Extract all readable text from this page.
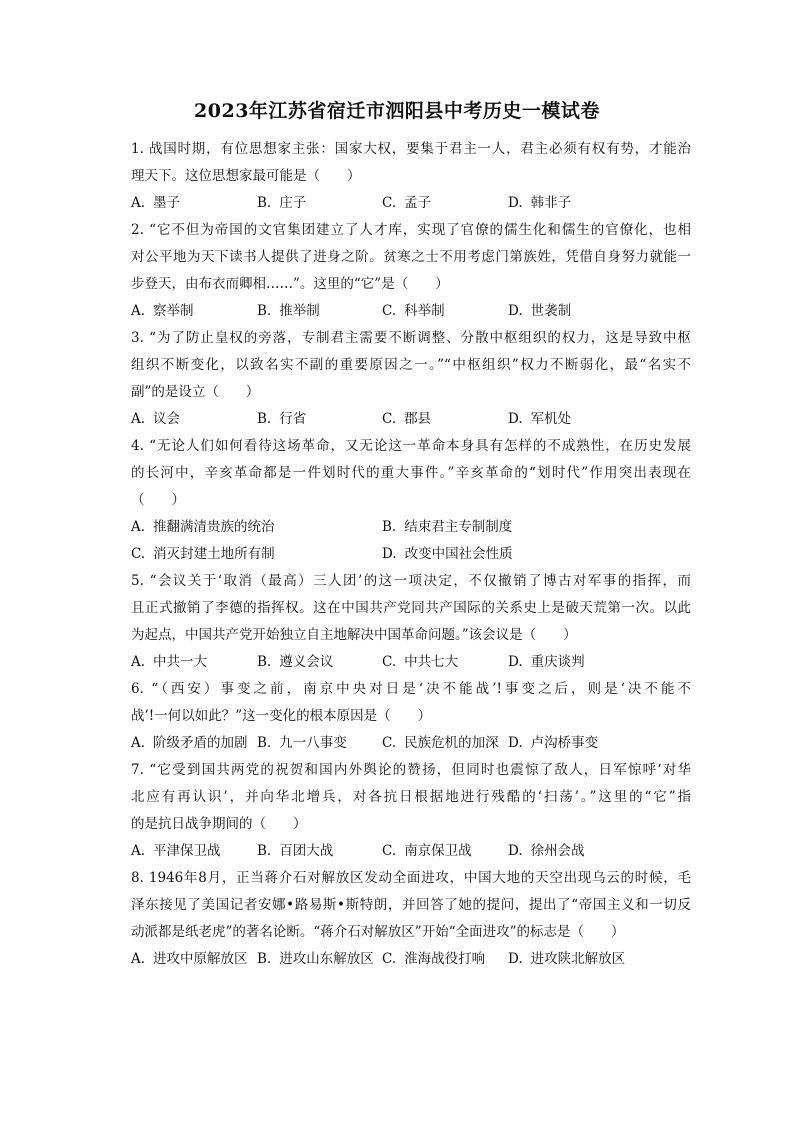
2023年江苏省宿迁市泗阳县中考历史一模试卷
1. 战国时期，有位思想家主张：国家大权，要集于君主一人，君主必须有权有势，才能治
理天下。这位思想家最可能是（　　）
A. 墨子	B. 庄子	C. 孟子	D. 韩非子
2. “它不但为帝国的文官集团建立了人才库，实现了官僚的儒生化和儒生的官僚化，也相
对公平地为天下读书人提供了进身之阶。贫寒之士不用考虑门第族姓，凭借自身努力就能一
步登天，由布衣而卿相……”。这里的“它”是（　　）
A. 察举制	B. 推举制	C. 科举制	D. 世袭制
3. “为了防止皇权的旁落，专制君主需要不断调整、分散中枢组织的权力，这是导致中枢
组织不断变化，以致名实不副的重要原因之一。”“中枢组织”权力不断弱化，最“名实不
副”的是设立（　　）
A. 议会	B. 行省	C. 郡县	D. 军机处
4. “无论人们如何看待这场革命，又无论这一革命本身具有怎样的不成熟性，在历史发展
的长河中，辛亥革命都是一件划时代的重大事件。”辛亥革命的“划时代”作用突出表现在
（　　）
A. 推翻满清贵族的统治	B. 结束君主专制制度
C. 消灭封建土地所有制	D. 改变中国社会性质
5. “会议关于‘取消（最高）三人团’的这一项决定，不仅撤销了博古对军事的指挥，而
且正式撤销了李德的指挥权。这在中国共产党同共产国际的关系史上是破天荒第一次。以此
为起点，中国共产党开始独立自主地解决中国革命问题。”该会议是（　　）
A. 中共一大	B. 遵义会议	C. 中共七大	D. 重庆谈判
6. “（西安）事变之前，南京中央对日是‘决不能战’!事变之后，则是‘决不能不
战’!一何以如此？”这一变化的根本原因是（　　）
A. 阶级矛盾的加剧 B. 九一八事变	C. 民族危机的加深 D. 卢沟桥事变
7. “它受到国共两党的祝贺和国内外舆论的赞扬，但同时也震惊了敌人，日军惊呼‘对华
北应有再认识’，并向华北增兵，对各抗日根据地进行残酷的‘扫荡’。”这里的“它”指
的是抗日战争期间的（　　）
A. 平津保卫战	B. 百团大战	C. 南京保卫战	D. 徐州会战
8. 1946年8月，正当蒋介石对解放区发动全面进攻，中国大地的天空出现乌云的时候，毛
泽东接见了美国记者安娜•路易斯•斯特朗，并回答了她的提问，提出了“帝国主义和一切反
动派都是纸老虎”的著名论断。“蒋介石对解放区”开始“全面进攻”的标志是（　　）
A. 进攻中原解放区 B. 进攻山东解放区 C. 淮海战役打响 D. 进攻陕北解放区
